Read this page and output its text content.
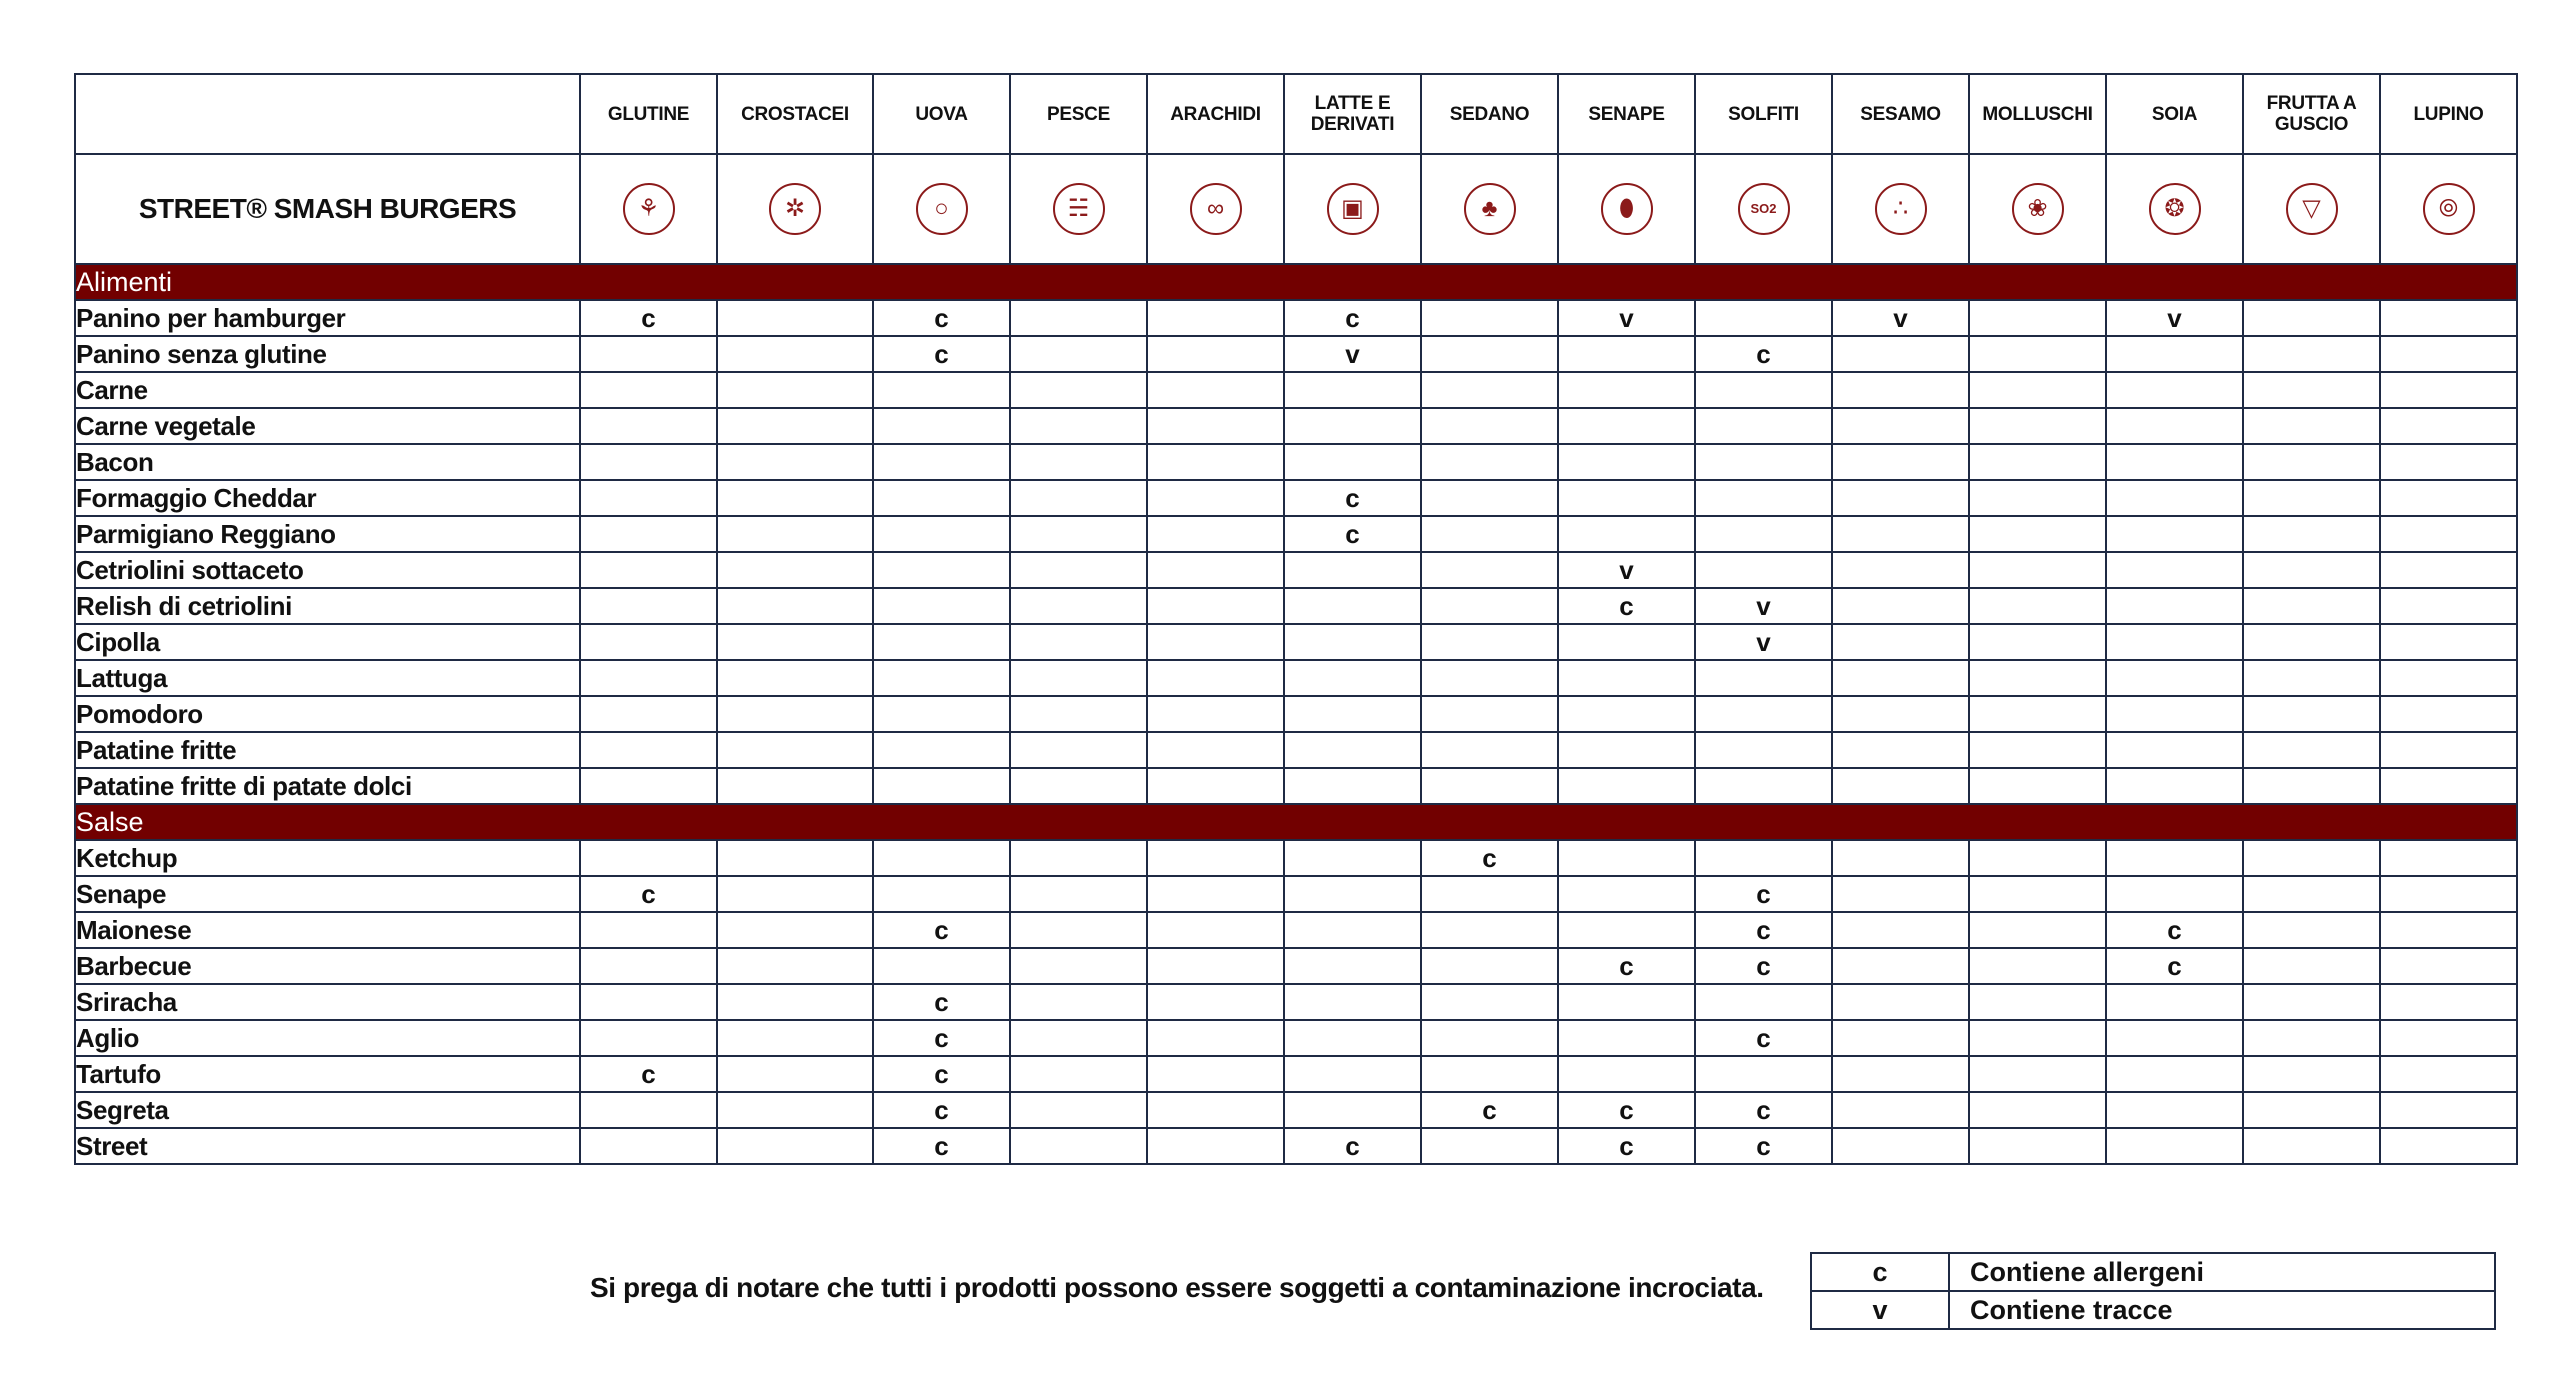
	GLUTINE	CROSTACEI	UOVA	PESCE	ARACHIDI	LATTE E DERIVATI	SEDANO	SENAPE	SOLFITI	SESAMO	MOLLUSCHI	SOIA	FRUTTA A GUSCIO	LUPINO
STREET® SMASH BURGERS	⚘	✲	○	☵	∞	▣	♣	⬮	SO2	∴	❀	❂	▽	⦾
Alimenti														
Panino per hamburger	c		c			c		v		v		v		
Panino senza glutine			c			v			c					
Carne														
Carne vegetale														
Bacon														
Formaggio Cheddar						c								
Parmigiano Reggiano						c								
Cetriolini sottaceto								v						
Relish di cetriolini								c	v					
Cipolla									v					
Lattuga														
Pomodoro														
Patatine fritte														
Patatine fritte di patate dolci														
Salse														
Ketchup							c							
Senape	c								c					
Maionese			c						c			c		
Barbecue								c	c			c		
Sriracha			c											
Aglio			c						c					
Tartufo	c		c											
Segreta			c				c	c	c					
Street			c			c		c	c					
Si prega di notare che tutti i prodotti possono essere soggetti a contaminazione incrociata.
c	Contiene allergeni
v	Contiene tracce
